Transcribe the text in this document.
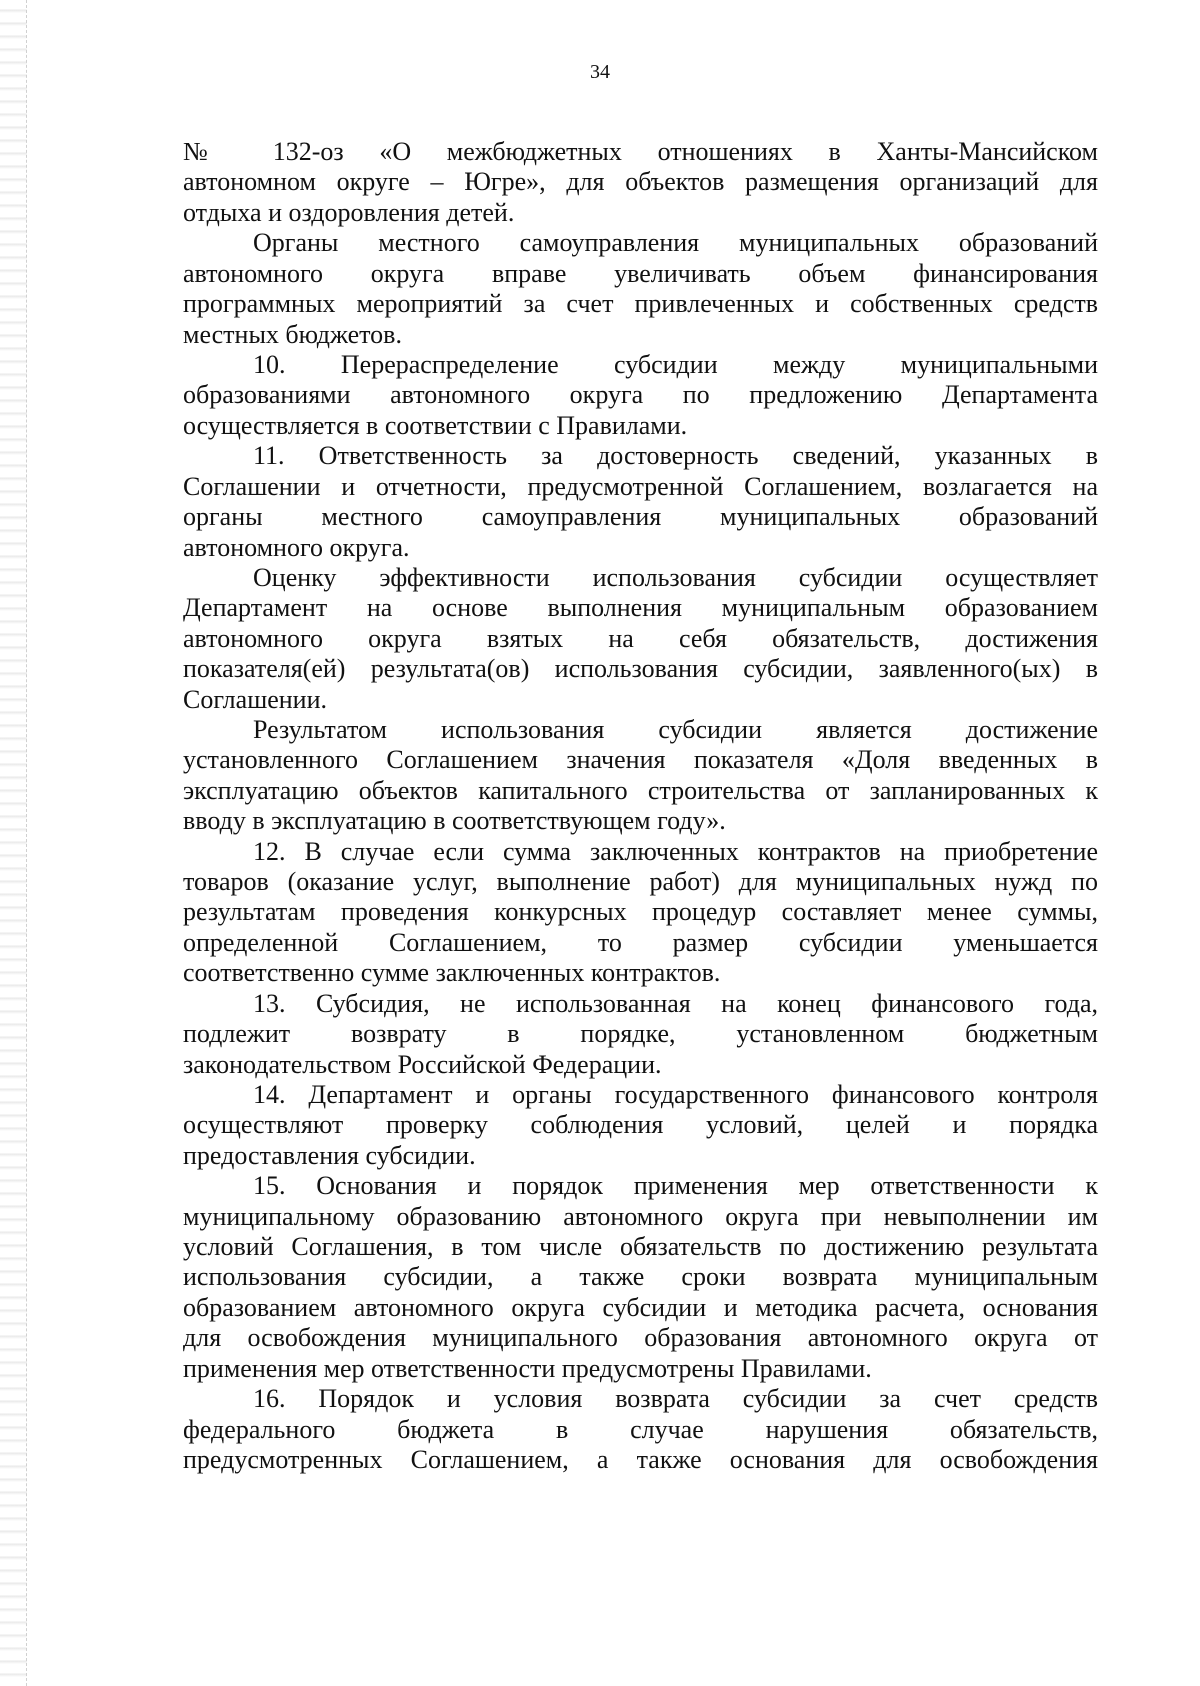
34
№ 132-оз «О межбюджетных отношениях в Ханты-Мансийском
автономном округе – Югре», для объектов размещения организаций для
отдыха и оздоровления детей.
Органы местного самоуправления муниципальных образований
автономного округа вправе увеличивать объем финансирования
программных мероприятий за счет привлеченных и собственных средств
местных бюджетов.
10. Перераспределение субсидии между муниципальными
образованиями автономного округа по предложению Департамента
осуществляется в соответствии с Правилами.
11. Ответственность за достоверность сведений, указанных в
Соглашении и отчетности, предусмотренной Соглашением, возлагается на
органы местного самоуправления муниципальных образований
автономного округа.
Оценку эффективности использования субсидии осуществляет
Департамент на основе выполнения муниципальным образованием
автономного округа взятых на себя обязательств, достижения
показателя(ей) результата(ов) использования субсидии, заявленного(ых) в
Соглашении.
Результатом использования субсидии является достижение
установленного Соглашением значения показателя «Доля введенных в
эксплуатацию объектов капитального строительства от запланированных к
вводу в эксплуатацию в соответствующем году».
12. В случае если сумма заключенных контрактов на приобретение
товаров (оказание услуг, выполнение работ) для муниципальных нужд по
результатам проведения конкурсных процедур составляет менее суммы,
определенной Соглашением, то размер субсидии уменьшается
соответственно сумме заключенных контрактов.
13. Субсидия, не использованная на конец финансового года,
подлежит возврату в порядке, установленном бюджетным
законодательством Российской Федерации.
14. Департамент и органы государственного финансового контроля
осуществляют проверку соблюдения условий, целей и порядка
предоставления субсидии.
15. Основания и порядок применения мер ответственности к
муниципальному образованию автономного округа при невыполнении им
условий Соглашения, в том числе обязательств по достижению результата
использования субсидии, а также сроки возврата муниципальным
образованием автономного округа субсидии и методика расчета, основания
для освобождения муниципального образования автономного округа от
применения мер ответственности предусмотрены Правилами.
16. Порядок и условия возврата субсидии за счет средств
федерального бюджета в случае нарушения обязательств,
предусмотренных Соглашением, а также основания для освобождения
